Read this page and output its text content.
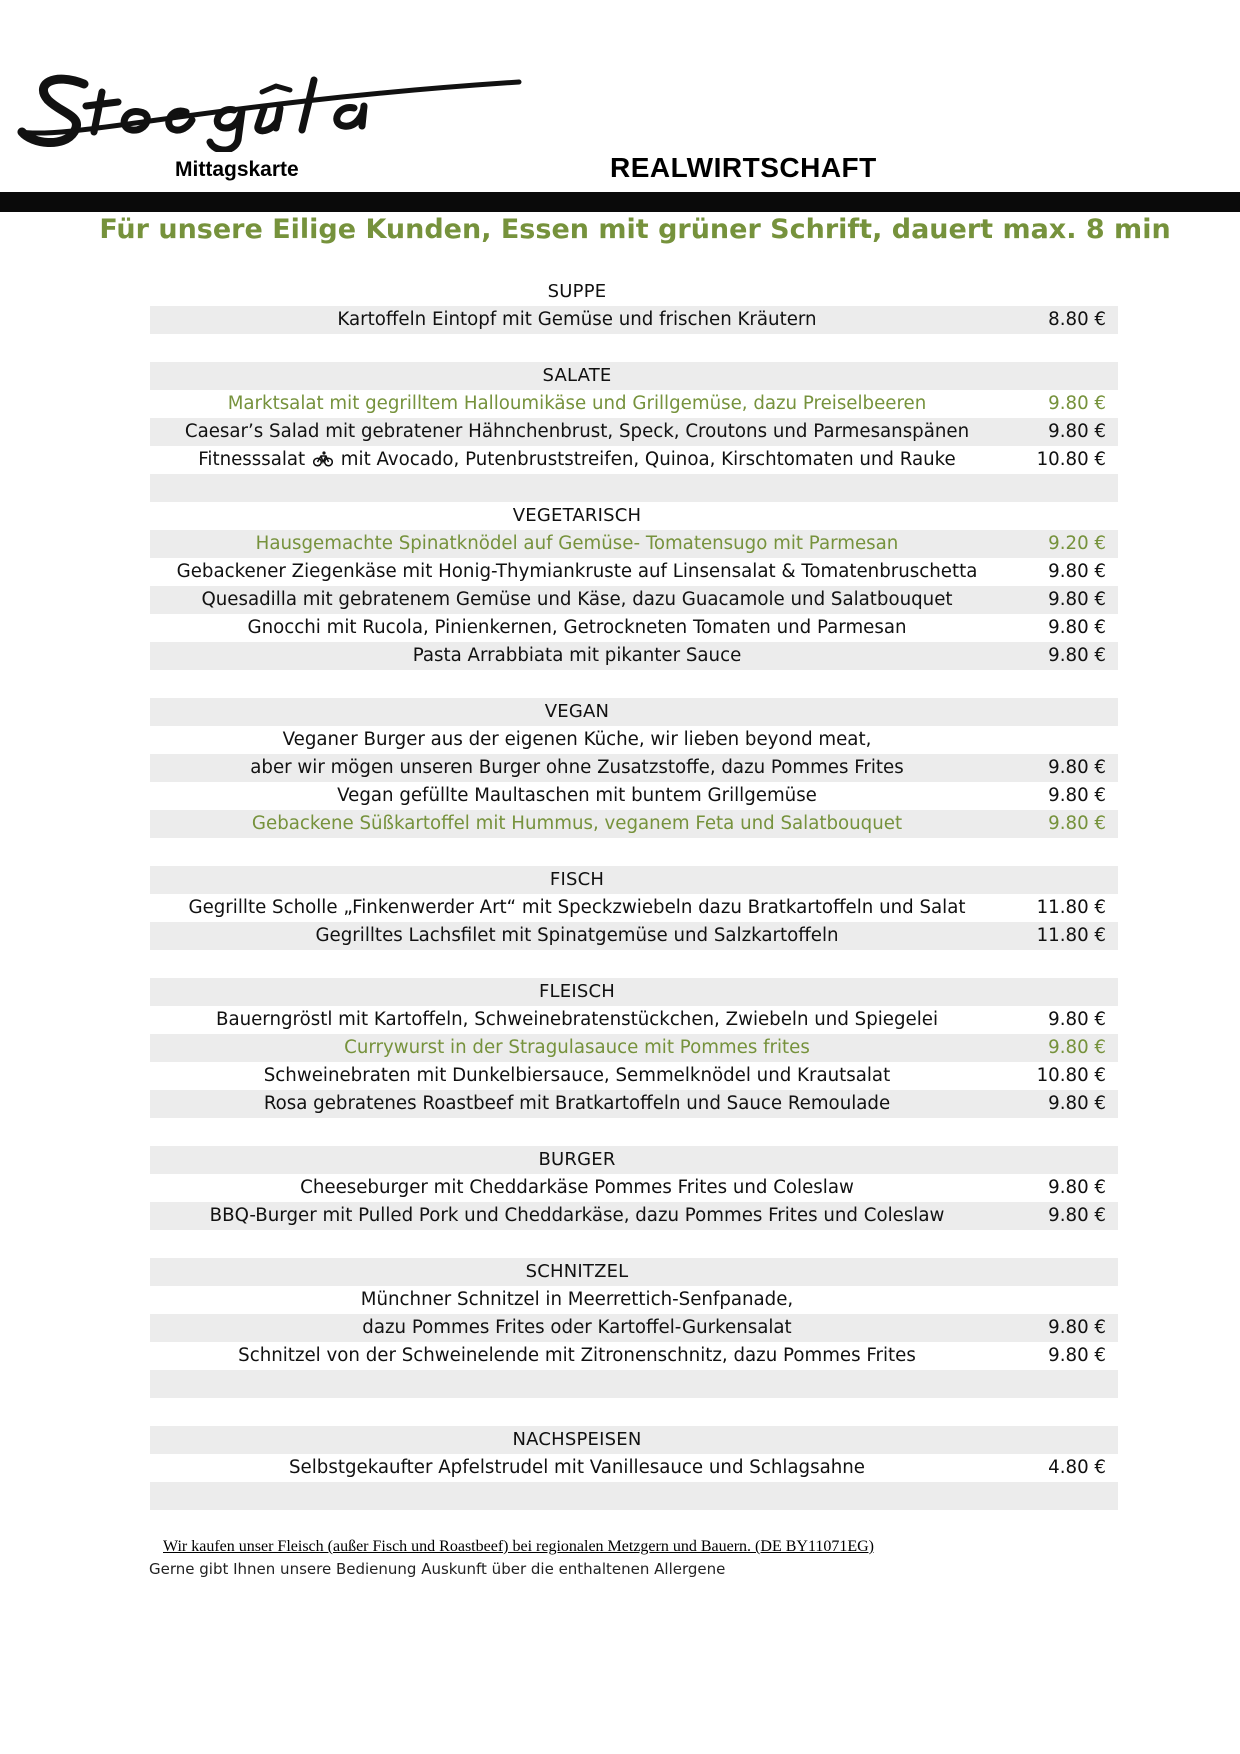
Mittagskarte	REALWIRTSCHAFT
Für unsere Eilige Kunden, Essen mit grüner Schrift, dauert max. 8 min
SUPPE
Kartoffeln Eintopf mit Gemüse und frischen Kräutern	8.80 €
SALATE
Marktsalat mit gegrilltem Halloumikäse und Grillgemüse, dazu Preiselbeeren	9.80 €
Caesar’s Salad mit gebratener Hähnchenbrust, Speck, Croutons und Parmesanspänen	9.80 €
Fitnesssalat mit Avocado, Putenbruststreifen, Quinoa, Kirschtomaten und Rauke	10.80 €
VEGETARISCH
Hausgemachte Spinatknödel auf Gemüse- Tomatensugo mit Parmesan	9.20 €
Gebackener Ziegenkäse mit Honig-Thymiankruste auf Linsensalat & Tomatenbruschetta	9.80 €
Quesadilla mit gebratenem Gemüse und Käse, dazu Guacamole und Salatbouquet	9.80 €
Gnocchi mit Rucola, Pinienkernen, Getrockneten Tomaten und Parmesan	9.80 €
Pasta Arrabbiata mit pikanter Sauce	9.80 €
VEGAN
Veganer Burger aus der eigenen Küche, wir lieben beyond meat,
aber wir mögen unseren Burger ohne Zusatzstoffe, dazu Pommes Frites	9.80 €
Vegan gefüllte Maultaschen mit buntem Grillgemüse	9.80 €
Gebackene Süßkartoffel mit Hummus, veganem Feta und Salatbouquet	9.80 €
FISCH
Gegrillte Scholle „Finkenwerder Art“ mit Speckzwiebeln dazu Bratkartoffeln und Salat	11.80 €
Gegrilltes Lachsfilet mit Spinatgemüse und Salzkartoffeln	11.80 €
FLEISCH
Bauerngröstl mit Kartoffeln, Schweinebratenstückchen, Zwiebeln und Spiegelei	9.80 €
Currywurst in der Stragulasauce mit Pommes frites	9.80 €
Schweinebraten mit Dunkelbiersauce, Semmelknödel und Krautsalat	10.80 €
Rosa gebratenes Roastbeef mit Bratkartoffeln und Sauce Remoulade	9.80 €
BURGER
Cheeseburger mit Cheddarkäse Pommes Frites und Coleslaw	9.80 €
BBQ-Burger mit Pulled Pork und Cheddarkäse, dazu Pommes Frites und Coleslaw	9.80 €
SCHNITZEL
Münchner Schnitzel in Meerrettich-Senfpanade,
dazu Pommes Frites oder Kartoffel-Gurkensalat	9.80 €
Schnitzel von der Schweinelende mit Zitronenschnitz, dazu Pommes Frites	9.80 €
NACHSPEISEN
Selbstgekaufter Apfelstrudel mit Vanillesauce und Schlagsahne	4.80 €
Wir kaufen unser Fleisch (außer Fisch und Roastbeef) bei regionalen Metzgern und Bauern. (DE BY11071EG)
Gerne gibt Ihnen unsere Bedienung Auskunft über die enthaltenen Allergene
